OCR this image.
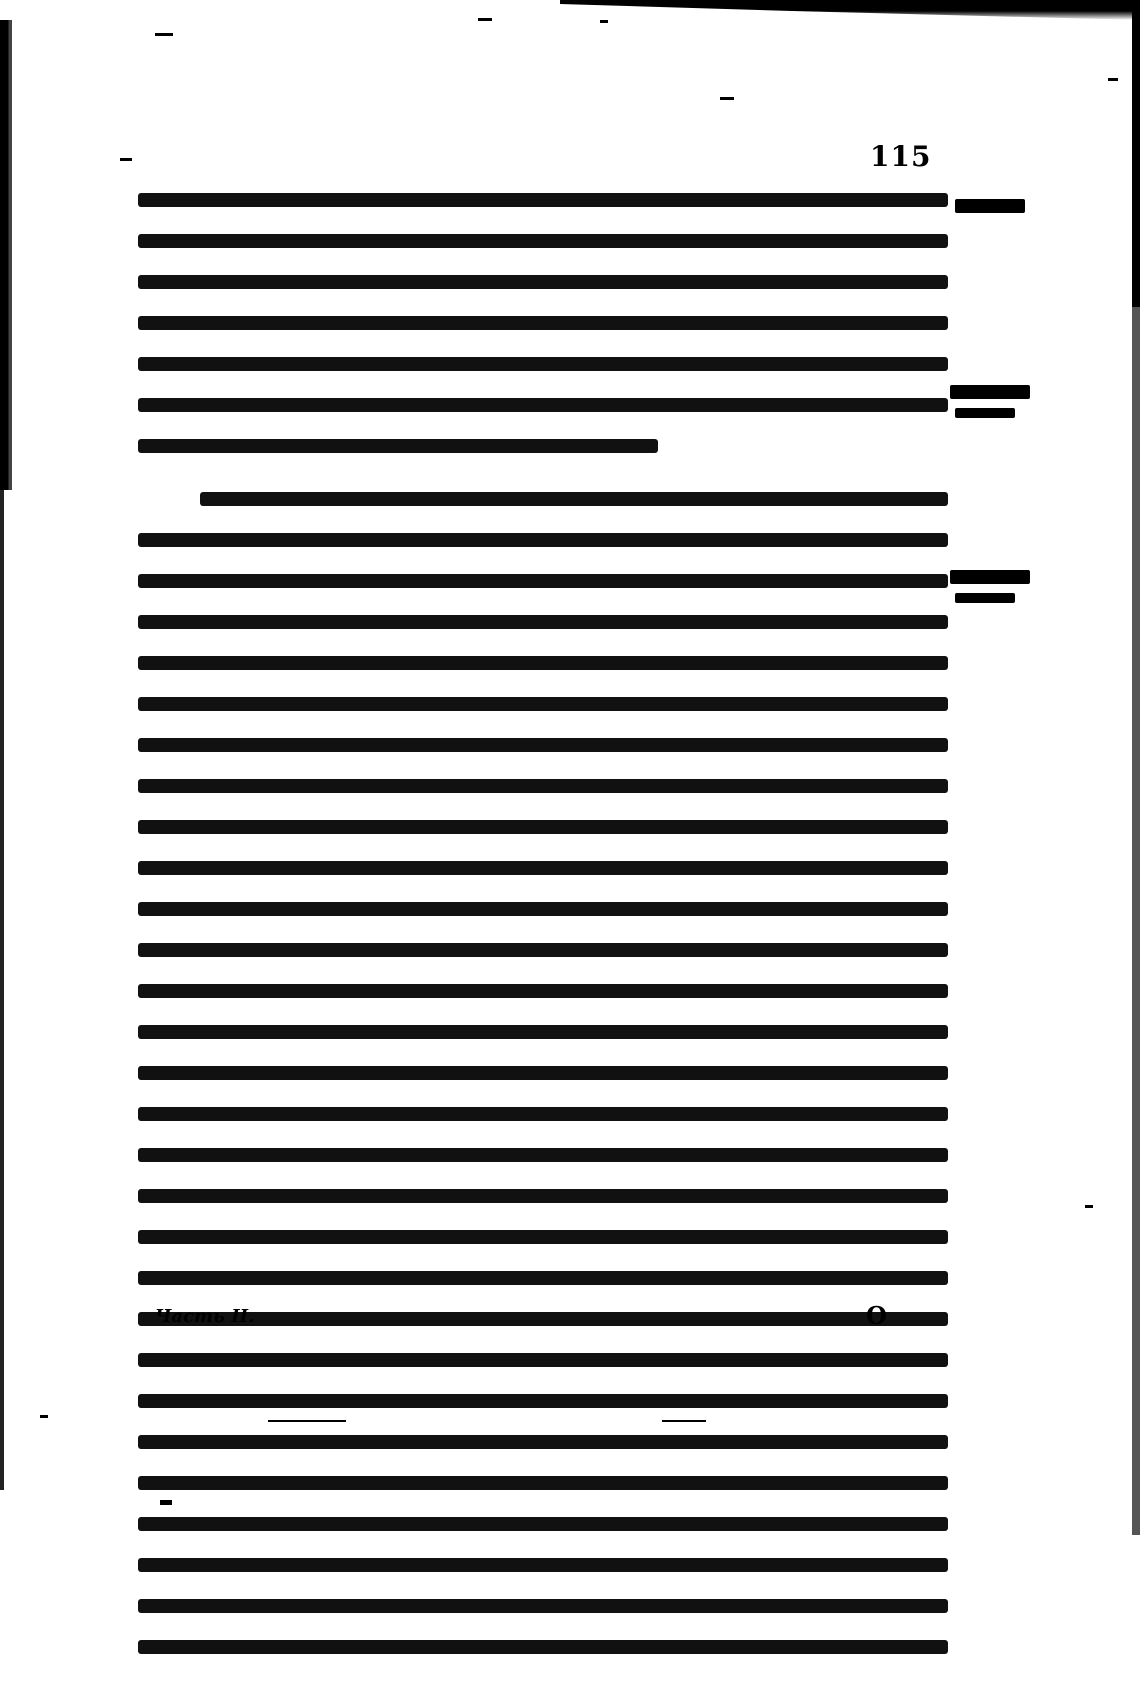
115
Часть II.	O
